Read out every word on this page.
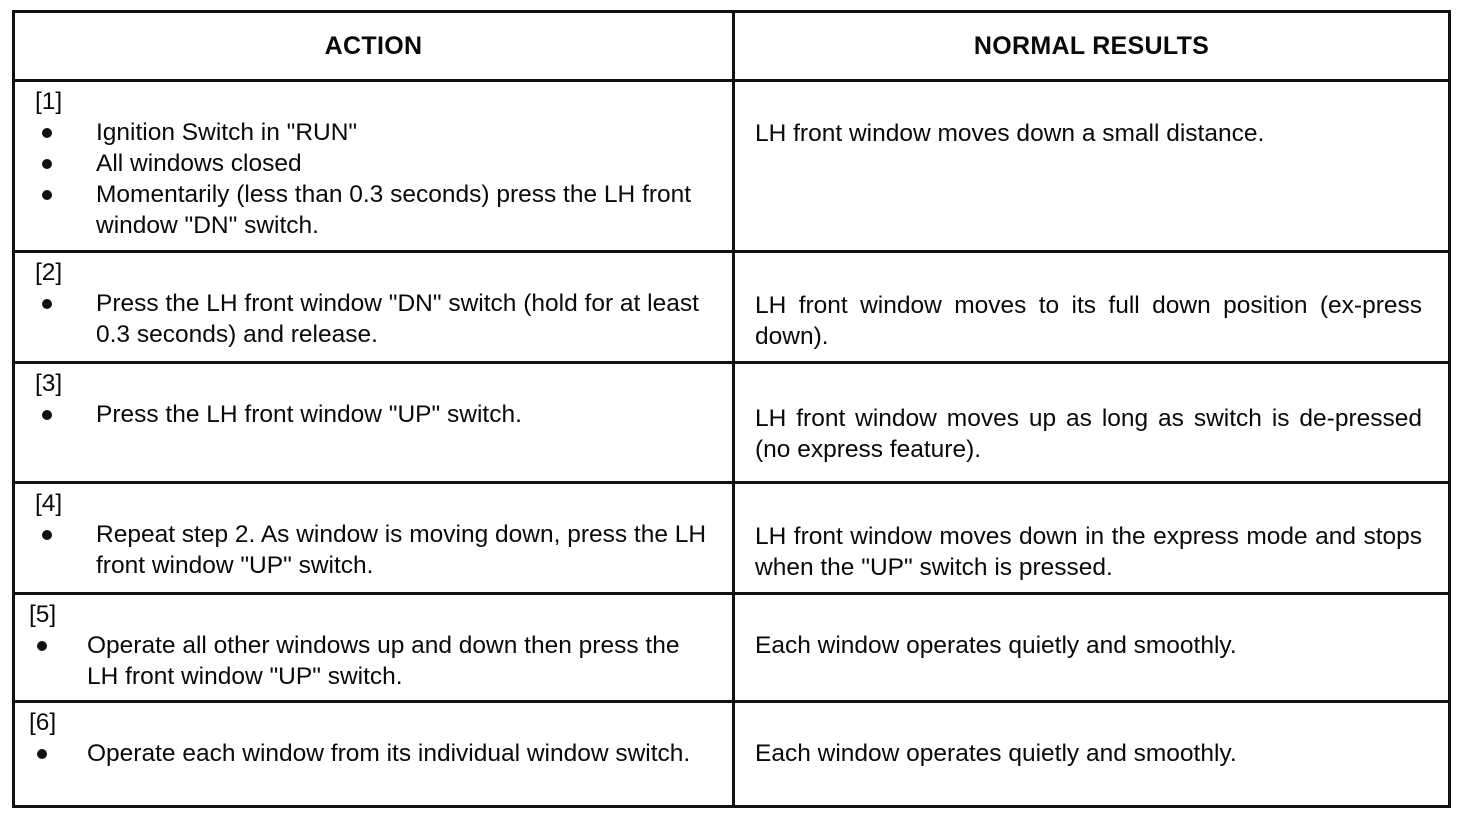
ACTION	NORMAL RESULTS

[1]
Ignition Switch in "RUN"
All windows closed
Momentarily (less than 0.3 seconds) press the LH front window "DN" switch.	LH front window moves down a small distance.

[2]
Press the LH front window "DN" switch (hold for at least 0.3 seconds) and release.	LH front window moves to its full down position (ex-press down).

[3]
Press the LH front window "UP" switch.	LH front window moves up as long as switch is de-pressed (no express feature).

[4]
Repeat step 2. As window is moving down, press the LH front window "UP" switch.	LH front window moves down in the express mode and stops when the "UP" switch is pressed.

[5]
Operate all other windows up and down then press the LH front window "UP" switch.	Each window operates quietly and smoothly.

[6]
Operate each window from its individual window switch.	Each window operates quietly and smoothly.
